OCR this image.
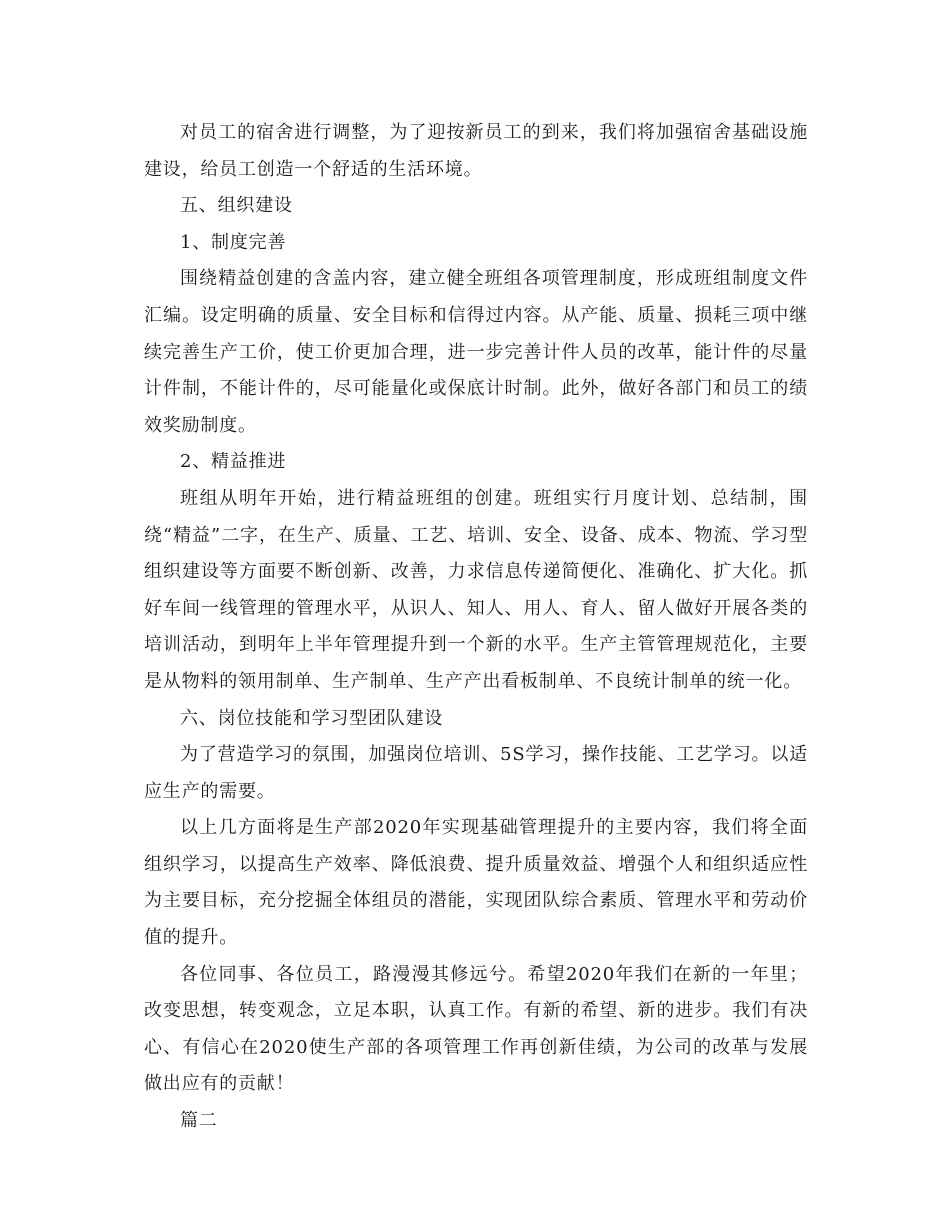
对员工的宿舍进行调整，为了迎按新员工的到来，我们将加强宿舍基础设施建设，给员工创造一个舒适的生活环境。

五、组织建设

1、制度完善

围绕精益创建的含盖内容，建立健全班组各项管理制度，形成班组制度文件汇编。设定明确的质量、安全目标和信得过内容。从产能、质量、损耗三项中继续完善生产工价，使工价更加合理，进一步完善计件人员的改革，能计件的尽量计件制，不能计件的，尽可能量化或保底计时制。此外，做好各部门和员工的绩效奖励制度。

2、精益推进

班组从明年开始，进行精益班组的创建。班组实行月度计划、总结制，围绕“精益”二字，在生产、质量、工艺、培训、安全、设备、成本、物流、学习型组织建设等方面要不断创新、改善，力求信息传递简便化、准确化、扩大化。抓好车间一线管理的管理水平，从识人、知人、用人、育人、留人做好开展各类的培训活动，到明年上半年管理提升到一个新的水平。生产主管管理规范化，主要是从物料的领用制单、生产制单、生产产出看板制单、不良统计制单的统一化。

六、岗位技能和学习型团队建设

为了营造学习的氛围，加强岗位培训、5S学习，操作技能、工艺学习。以适应生产的需要。

以上几方面将是生产部2020年实现基础管理提升的主要内容，我们将全面组织学习，以提高生产效率、降低浪费、提升质量效益、增强个人和组织适应性为主要目标，充分挖掘全体组员的潜能，实现团队综合素质、管理水平和劳动价值的提升。

各位同事、各位员工，路漫漫其修远兮。希望2020年我们在新的一年里；改变思想，转变观念，立足本职，认真工作。有新的希望、新的进步。我们有决心、有信心在2020使生产部的各项管理工作再创新佳绩，为公司的改革与发展做出应有的贡献！

篇二
